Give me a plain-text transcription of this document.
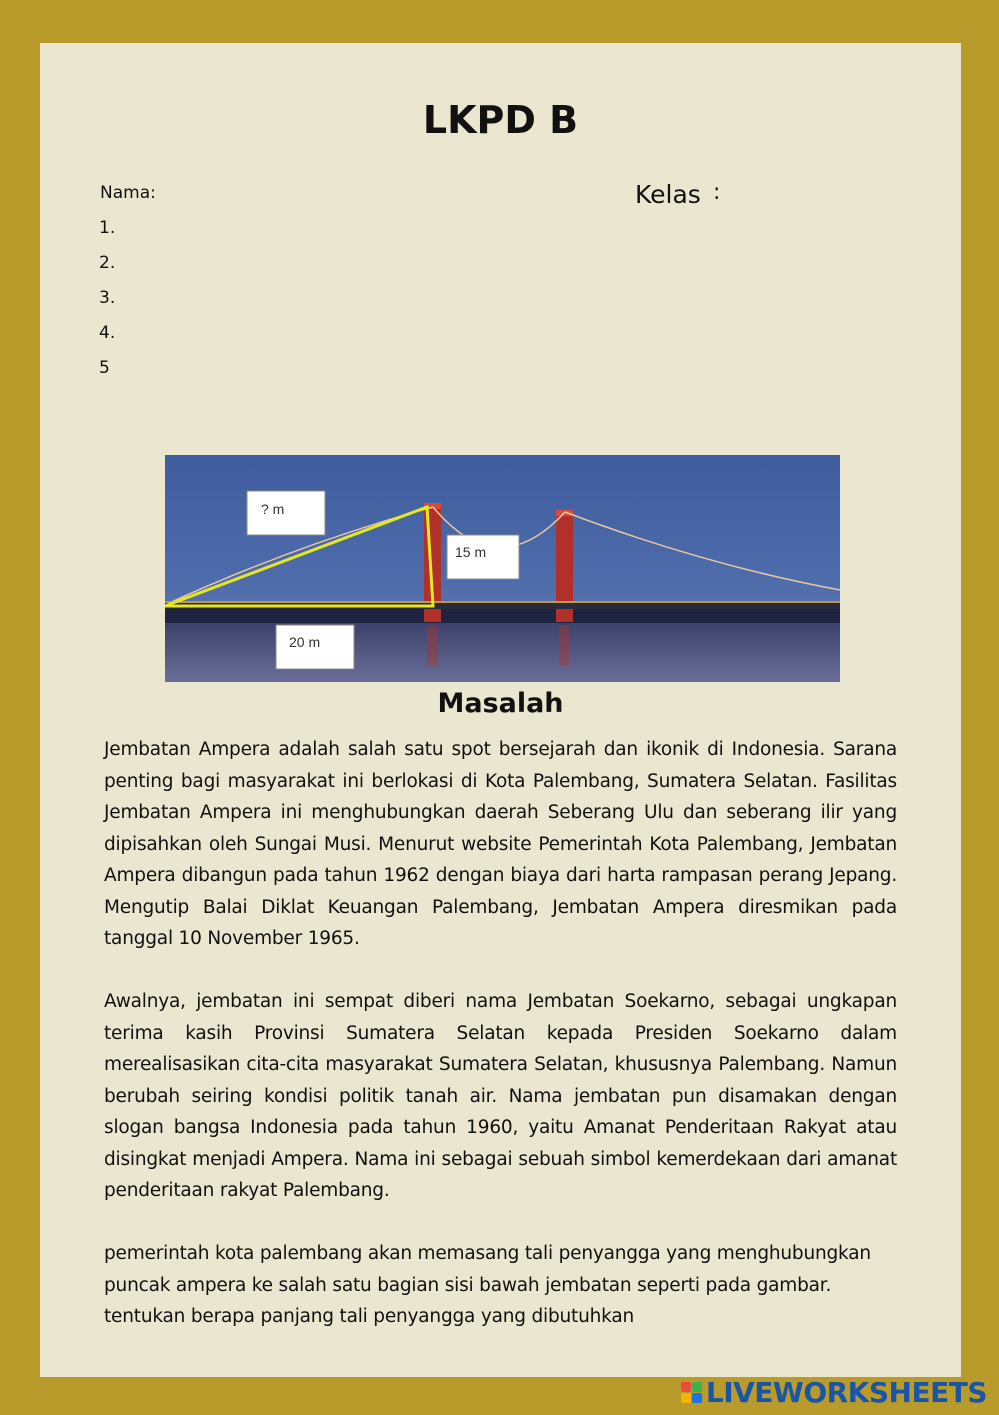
LKPD B
Nama:	Kelas :
1.
2.
3.
4.
5
? m
15 m
20 m
Masalah
Jembatan Ampera adalah salah satu spot bersejarah dan ikonik di Indonesia. Sarana penting bagi masyarakat ini berlokasi di Kota Palembang, Sumatera Selatan. Fasilitas Jembatan Ampera ini menghubungkan daerah Seberang Ulu dan seberang ilir yang dipisahkan oleh Sungai Musi. Menurut website Pemerintah Kota Palembang, Jembatan Ampera dibangun pada tahun 1962 dengan biaya dari harta rampasan perang Jepang. Mengutip Balai Diklat Keuangan Palembang, Jembatan Ampera diresmikan pada tanggal 10 November 1965.
Awalnya, jembatan ini sempat diberi nama Jembatan Soekarno, sebagai ungkapan terima kasih Provinsi Sumatera Selatan kepada Presiden Soekarno dalam merealisasikan cita-cita masyarakat Sumatera Selatan, khususnya Palembang. Namun berubah seiring kondisi politik tanah air. Nama jembatan pun disamakan dengan slogan bangsa Indonesia pada tahun 1960, yaitu Amanat Penderitaan Rakyat atau disingkat menjadi Ampera. Nama ini sebagai sebuah simbol kemerdekaan dari amanat penderitaan rakyat Palembang.
pemerintah kota palembang akan memasang tali penyangga yang menghubungkan puncak ampera ke salah satu bagian sisi bawah jembatan seperti pada gambar. tentukan berapa panjang tali penyangga yang dibutuhkan
LIVEWORKSHEETS
